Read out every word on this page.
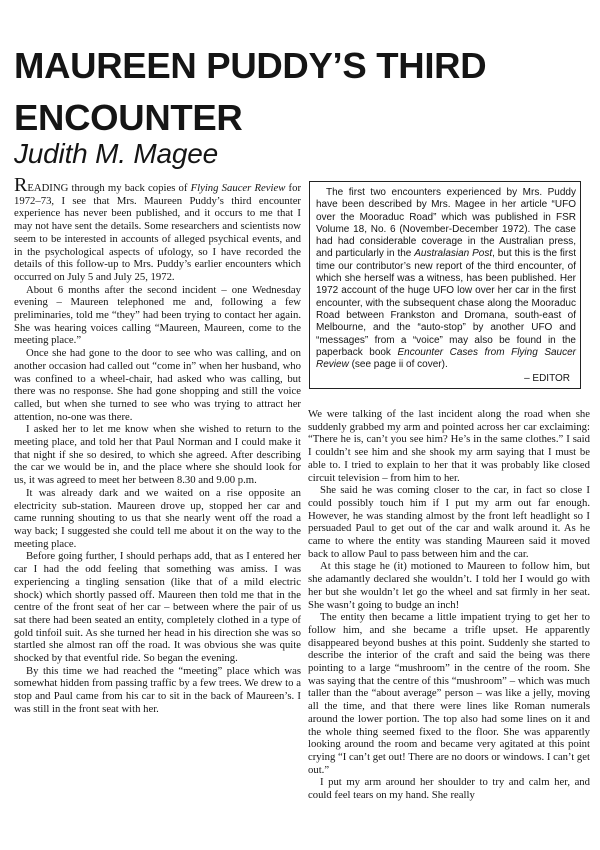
MAUREEN PUDDY’S THIRD ENCOUNTER
Judith M. Magee

READING through my back copies of Flying Saucer Review for 1972–73, I see that Mrs. Maureen Puddy’s third encounter experience has never been published, and it occurs to me that I may not have sent the details. Some researchers and scientists now seem to be interested in accounts of alleged psychical events, and in the psychological aspects of ufology, so I have recorded the details of this follow-up to Mrs. Puddy’s earlier encounters which occurred on July 5 and July 25, 1972.

About 6 months after the second incident – one Wednesday evening – Maureen telephoned me and, following a few preliminaries, told me “they” had been trying to contact her again. She was hearing voices calling “Maureen, Maureen, come to the meeting place.”

Once she had gone to the door to see who was calling, and on another occasion had called out “come in” when her husband, who was confined to a wheel-chair, had asked who was calling, but there was no response. She had gone shopping and still the voice called, but when she turned to see who was trying to attract her attention, no-one was there.

I asked her to let me know when she wished to return to the meeting place, and told her that Paul Norman and I could make it that night if she so desired, to which she agreed. After describing the car we would be in, and the place where she should look for us, it was agreed to meet her between 8.30 and 9.00 p.m.

It was already dark and we waited on a rise opposite an electricity sub-station. Maureen drove up, stopped her car and came running shouting to us that she nearly went off the road a way back; I suggested she could tell me about it on the way to the meeting place.

Before going further, I should perhaps add, that as I entered her car I had the odd feeling that something was amiss. I was experiencing a tingling sensation (like that of a mild electric shock) which shortly passed off. Maureen then told me that in the centre of the front seat of her car – between where the pair of us sat there had been seated an entity, completely clothed in a type of gold tinfoil suit. As she turned her head in his direction she was so startled she almost ran off the road. It was obvious she was quite shocked by that eventful ride. So began the evening.

By this time we had reached the “meeting” place which was somewhat hidden from passing traffic by a few trees. We drew to a stop and Paul came from his car to sit in the back of Maureen’s. I was still in the front seat with her.

The first two encounters experienced by Mrs. Puddy have been described by Mrs. Magee in her article “UFO over the Mooraduc Road” which was published in FSR Volume 18, No. 6 (November-December 1972). The case had had considerable coverage in the Australian press, and particularly in the Australasian Post, but this is the first time our contributor’s new report of the third encounter, of which she herself was a witness, has been published. Her 1972 account of the huge UFO low over her car in the first encounter, with the subsequent chase along the Mooraduc Road between Frankston and Dromana, south-east of Melbourne, and the “auto-stop” by another UFO and “messages” from a “voice” may also be found in the paperback book Encounter Cases from Flying Saucer Review (see page ii of cover).

– EDITOR

We were talking of the last incident along the road when she suddenly grabbed my arm and pointed across her car exclaiming: “There he is, can’t you see him? He’s in the same clothes.” I said I couldn’t see him and she shook my arm saying that I must be able to. I tried to explain to her that it was probably like closed circuit television – from him to her.

She said he was coming closer to the car, in fact so close I could possibly touch him if I put my arm out far enough. However, he was standing almost by the front left headlight so I persuaded Paul to get out of the car and walk around it. As he came to where the entity was standing Maureen said it moved back to allow Paul to pass between him and the car.

At this stage he (it) motioned to Maureen to follow him, but she adamantly declared she wouldn’t. I told her I would go with her but she wouldn’t let go the wheel and sat firmly in her seat. She wasn’t going to budge an inch!

The entity then became a little impatient trying to get her to follow him, and she became a trifle upset. He apparently disappeared beyond bushes at this point. Suddenly she started to describe the interior of the craft and said the being was there pointing to a large “mushroom” in the centre of the room. She was saying that the centre of this “mushroom” – which was much taller than the “about average” person – was like a jelly, moving all the time, and that there were lines like Roman numerals around the lower portion. The top also had some lines on it and the whole thing seemed fixed to the floor. She was apparently looking around the room and became very agitated at this point crying “I can’t get out! There are no doors or windows. I can’t get out.”

I put my arm around her shoulder to try and calm her, and could feel tears on my hand. She really
